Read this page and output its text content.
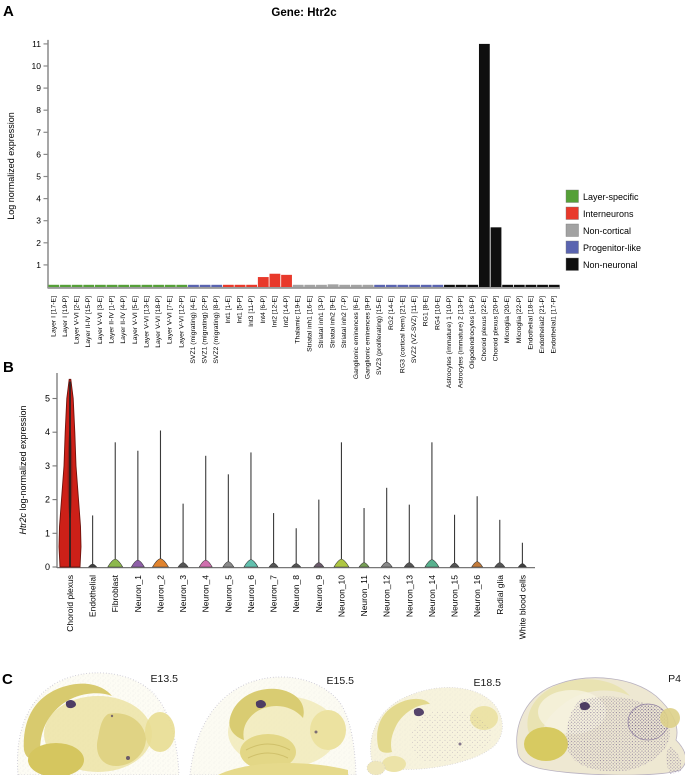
A	Gene: Htr2c
Log normalized expression
1
2
3
4
5
6
7
8
9
10
11
Layer I [17-E] Layer I [19-P] Layer V-VI [2-E] Layer II-IV [15-P] Layer V-VI [3-E] Layer II-IV [1-P] Layer II-IV [4-P] Layer V-VI [5-E] Layer V-VI [13-E] Layer V-VI [18-P] Layer V-VI [7-E] Layer V-VI [12-P] SVZ1 (migrating) [4-E] SVZ1 (migrating) [2-P] SVZ2 (migrating) [8-P] Int1 [1-E] Int1 [5-P] Int3 [11-P] Int4 [6-P] Int2 [12-E] Int2 [14-P] Thalamic [19-E] Striatal inh1 [16-E] Striatal inh1 [3-P] Striatal inh2 [9-E] Striatal inh2 [7-P] Ganglionic eminences [6-E] Ganglionic eminences [9-P] SVZ3 (proliferating) [15-E] RG2 [14-E] RG3 (cortical hem) [21-E] SVZ2 (VZ-SVZ) [11-E] RG1 [8-E] RG4 [10-E] Astrocytes (immature) 1 [10-P] Astrocytes (immature) 2 [13-P] Oligodendrocytes [16-P] Choroid plexus [22-E] Choroid plexus [20-P] Microglia [20-E] Microglia [22-P] Endothelial [18-E] Endothelial2 [21-P] Endothelial1 [17-P]
Layer-specific
Interneurons
Non-cortical
Progenitor-like
Non-neuronal
B
Htr2c log-normalized expression
0
1
2
3
4
5
Choroid plexus Endothelial Fibroblast Neuron_1 Neuron_2 Neuron_3 Neuron_4 Neuron_5 Neuron_6 Neuron_7 Neuron_8 Neuron_9 Neuron_10 Neuron_11 Neuron_12 Neuron_13 Neuron_14 Neuron_15 Neuron_16 Radial glia White blood cells
C	E13.5	E15.5	E18.5	P4
